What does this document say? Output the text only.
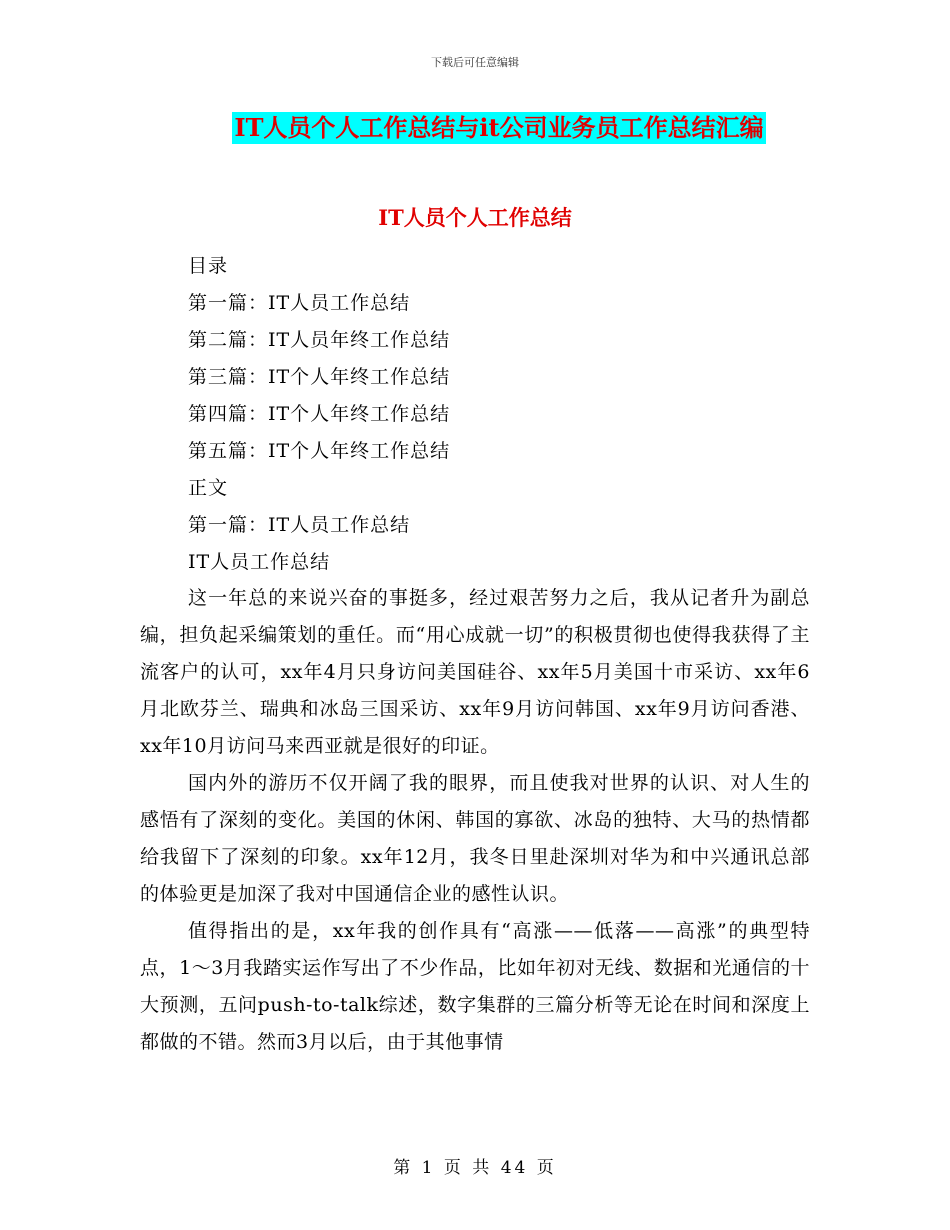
下载后可任意编辑
IT人员个人工作总结与it公司业务员工作总结汇编
IT人员个人工作总结
目录
第一篇：IT人员工作总结
第二篇：IT人员年终工作总结
第三篇：IT个人年终工作总结
第四篇：IT个人年终工作总结
第五篇：IT个人年终工作总结
正文
第一篇：IT人员工作总结
IT人员工作总结

这一年总的来说兴奋的事挺多，经过艰苦努力之后，我从记者升为副总编，担负起采编策划的重任。而“用心成就一切”的积极贯彻也使得我获得了主流客户的认可，xx年4月只身访问美国硅谷、xx年5月美国十市采访、xx年6月北欧芬兰、瑞典和冰岛三国采访、xx年9月访问韩国、xx年9月访问香港、xx年10月访问马来西亚就是很好的印证。

国内外的游历不仅开阔了我的眼界，而且使我对世界的认识、对人生的感悟有了深刻的变化。美国的休闲、韩国的寡欲、冰岛的独特、大马的热情都给我留下了深刻的印象。xx年12月，我冬日里赴深圳对华为和中兴通讯总部的体验更是加深了我对中国通信企业的感性认识。

值得指出的是，xx年我的创作具有“高涨——低落——高涨”的典型特点，1～3月我踏实运作写出了不少作品，比如年初对无线、数据和光通信的十大预测，五问push-to-talk综述，数字集群的三篇分析等无论在时间和深度上都做的不错。然而3月以后，由于其他事情

第 1 页 共 44 页
